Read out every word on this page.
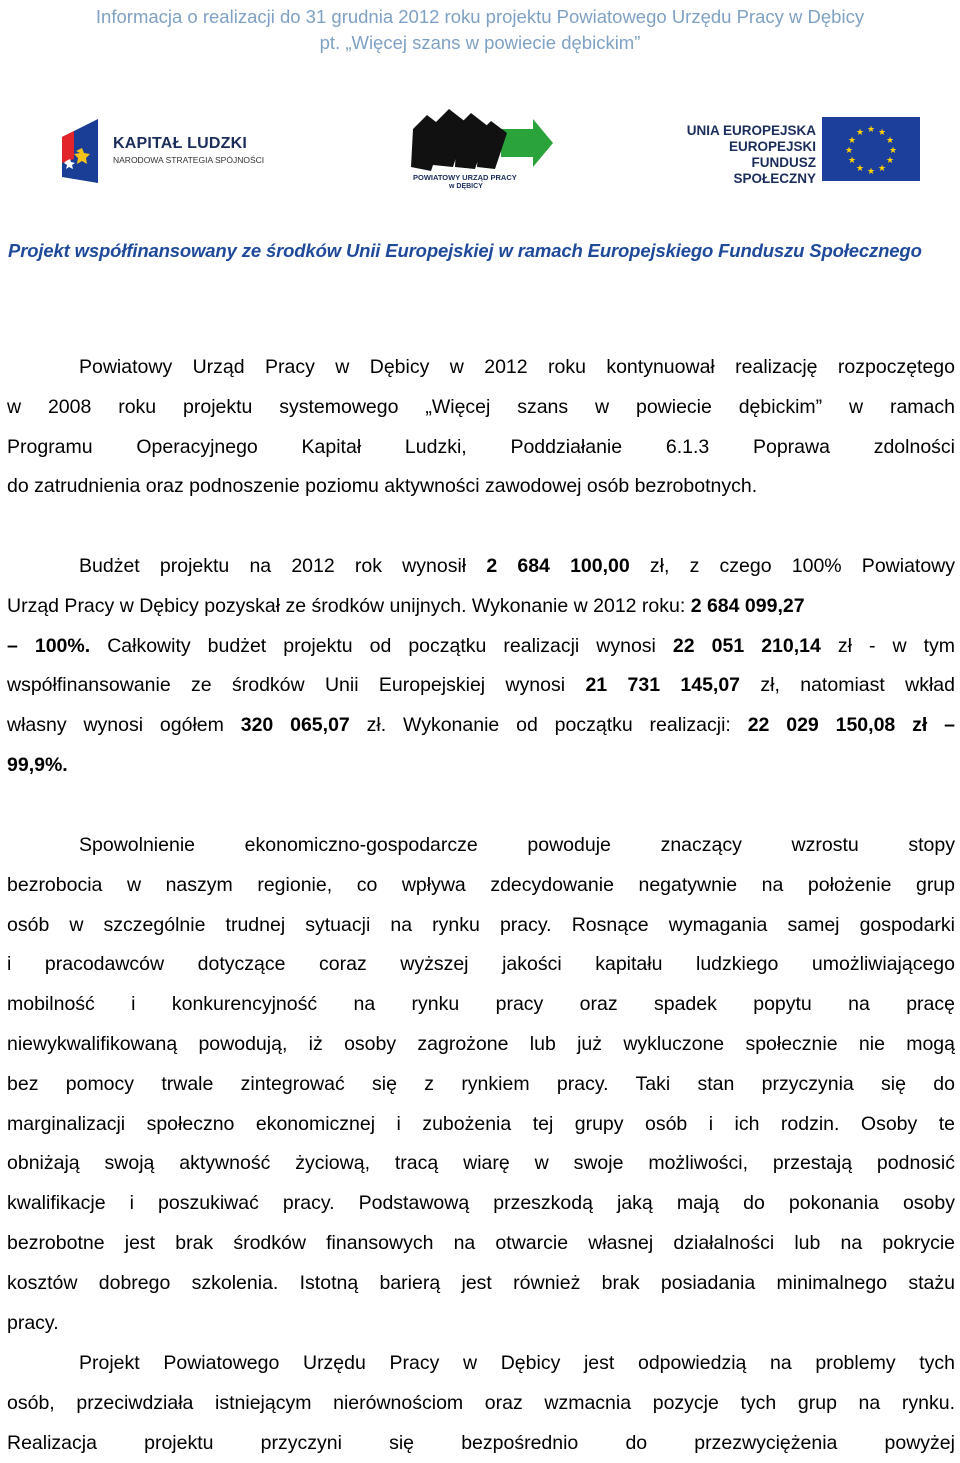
Informacja o realizacji do 31 grudnia 2012 roku projektu Powiatowego Urzędu Pracy w Dębicy
pt. „Więcej szans w powiecie dębickim”
KAPITAŁ LUDZKI
NARODOWA STRATEGIA SPÓJNOŚCI
POWIATOWY URZĄD PRACY
w DĘBICY
UNIA EUROPEJSKA
EUROPEJSKI
FUNDUSZ SPOŁECZNY
★ ★
★
★
★
★
★
★
★
★
★
★
Projekt współfinansowany ze środków Unii Europejskiej w ramach Europejskiego Funduszu Społecznego
Powiatowy Urząd Pracy w Dębicy w 2012 roku kontynuował realizację rozpoczętego
w 2008 roku projektu systemowego „Więcej szans w powiecie dębickim” w ramach
Programu Operacyjnego Kapitał Ludzki, Poddziałanie 6.1.3 Poprawa zdolności
do zatrudnienia oraz podnoszenie poziomu aktywności zawodowej osób bezrobotnych.
Budżet projektu na 2012 rok wynosił 2 684 100,00 zł, z czego 100% Powiatowy
Urząd Pracy w Dębicy pozyskał ze środków unijnych. Wykonanie w 2012 roku: 2 684 099,27
– 100%. Całkowity budżet projektu od początku realizacji wynosi 22 051 210,14 zł - w tym
współfinansowanie ze środków Unii Europejskiej wynosi 21 731 145,07 zł, natomiast wkład
własny wynosi ogółem 320 065,07 zł. Wykonanie od początku realizacji: 22 029 150,08 zł –
99,9%.
Spowolnienie ekonomiczno-gospodarcze powoduje znaczący wzrostu stopy
bezrobocia w naszym regionie, co wpływa zdecydowanie negatywnie na położenie grup
osób w szczególnie trudnej sytuacji na rynku pracy. Rosnące wymagania samej gospodarki
i pracodawców dotyczące coraz wyższej jakości kapitału ludzkiego umożliwiającego
mobilność i konkurencyjność na rynku pracy oraz spadek popytu na pracę
niewykwalifikowaną powodują, iż osoby zagrożone lub już wykluczone społecznie nie mogą
bez pomocy trwale zintegrować się z rynkiem pracy. Taki stan przyczynia się do
marginalizacji społeczno ekonomicznej i zubożenia tej grupy osób i ich rodzin. Osoby te
obniżają swoją aktywność życiową, tracą wiarę w swoje możliwości, przestają podnosić
kwalifikacje i poszukiwać pracy. Podstawową przeszkodą jaką mają do pokonania osoby
bezrobotne jest brak środków finansowych na otwarcie własnej działalności lub na pokrycie
kosztów dobrego szkolenia. Istotną barierą jest również brak posiadania minimalnego stażu
pracy.
Projekt Powiatowego Urzędu Pracy w Dębicy jest odpowiedzią na problemy tych
osób, przeciwdziała istniejącym nierównościom oraz wzmacnia pozycje tych grup na rynku.
Realizacja projektu przyczyni się bezpośrednio do przezwyciężenia powyżej
